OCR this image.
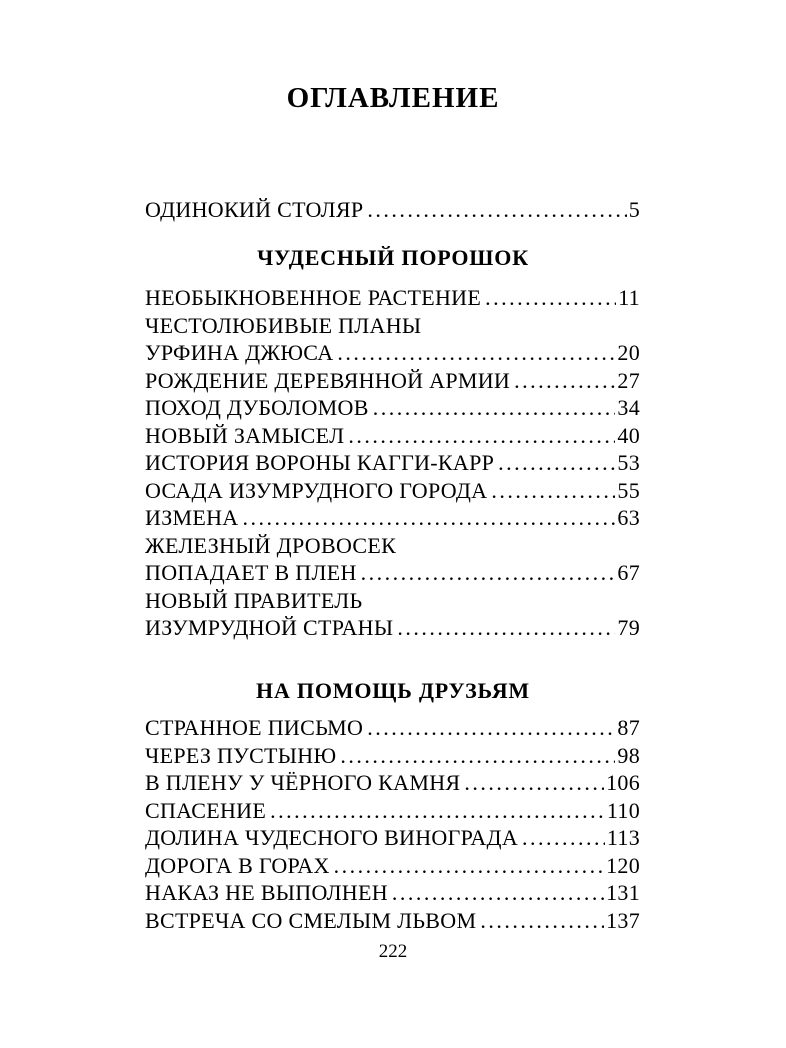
ОГЛАВЛЕНИЕ
ОДИНОКИЙ СТОЛЯР . . .	5
ЧУДЕСНЫЙ ПОРОШОК
НЕОБЫКНОВЕННОЕ РАСТЕНИЕ . . .	11
ЧЕСТОЛЮБИВЫЕ ПЛАНЫ
УРФИНА ДЖЮСА . . .	20
РОЖДЕНИЕ ДЕРЕВЯННОЙ АРМИИ . . .	27
ПОХОД ДУБОЛОМОВ . . .	34
НОВЫЙ ЗАМЫСЕЛ . . .	40
ИСТОРИЯ ВОРОНЫ КАГГИ-КАРР . . .	53
ОСАДА ИЗУМРУДНОГО ГОРОДА . . .	55
ИЗМЕНА . . .	63
ЖЕЛЕЗНЫЙ ДРОВОСЕК
ПОПАДАЕТ В ПЛЕН . . .	67
НОВЫЙ ПРАВИТЕЛЬ
ИЗУМРУДНОЙ СТРАНЫ . . .	79
НА ПОМОЩЬ ДРУЗЬЯМ
СТРАННОЕ ПИСЬМО . . .	87
ЧЕРЕЗ ПУСТЫНЮ . . .	98
В ПЛЕНУ У ЧЁРНОГО КАМНЯ . . .	106
СПАСЕНИЕ . . .	110
ДОЛИНА ЧУДЕСНОГО ВИНОГРАДА . . .	113
ДОРОГА В ГОРАХ . . .	120
НАКАЗ НЕ ВЫПОЛНЕН . . .	131
ВСТРЕЧА СО СМЕЛЫМ ЛЬВОМ . . .	137
222
